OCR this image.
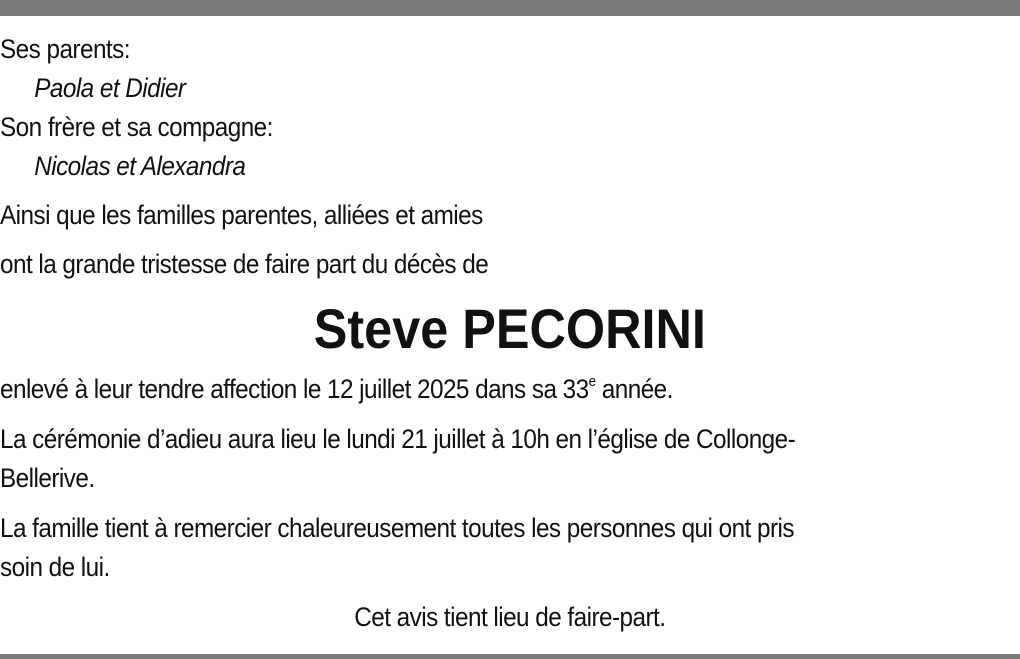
Ses parents:
Paola et Didier
Son frère et sa compagne:
Nicolas et Alexandra
Ainsi que les familles parentes, alliées et amies
ont la grande tristesse de faire part du décès de
Steve PECORINI
enlevé à leur tendre affection le 12 juillet 2025 dans sa 33e année.
La cérémonie d’adieu aura lieu le lundi 21 juillet à 10h en l’église de Collonge-
Bellerive.
La famille tient à remercier chaleureusement toutes les personnes qui ont pris
soin de lui.
Cet avis tient lieu de faire-part.
